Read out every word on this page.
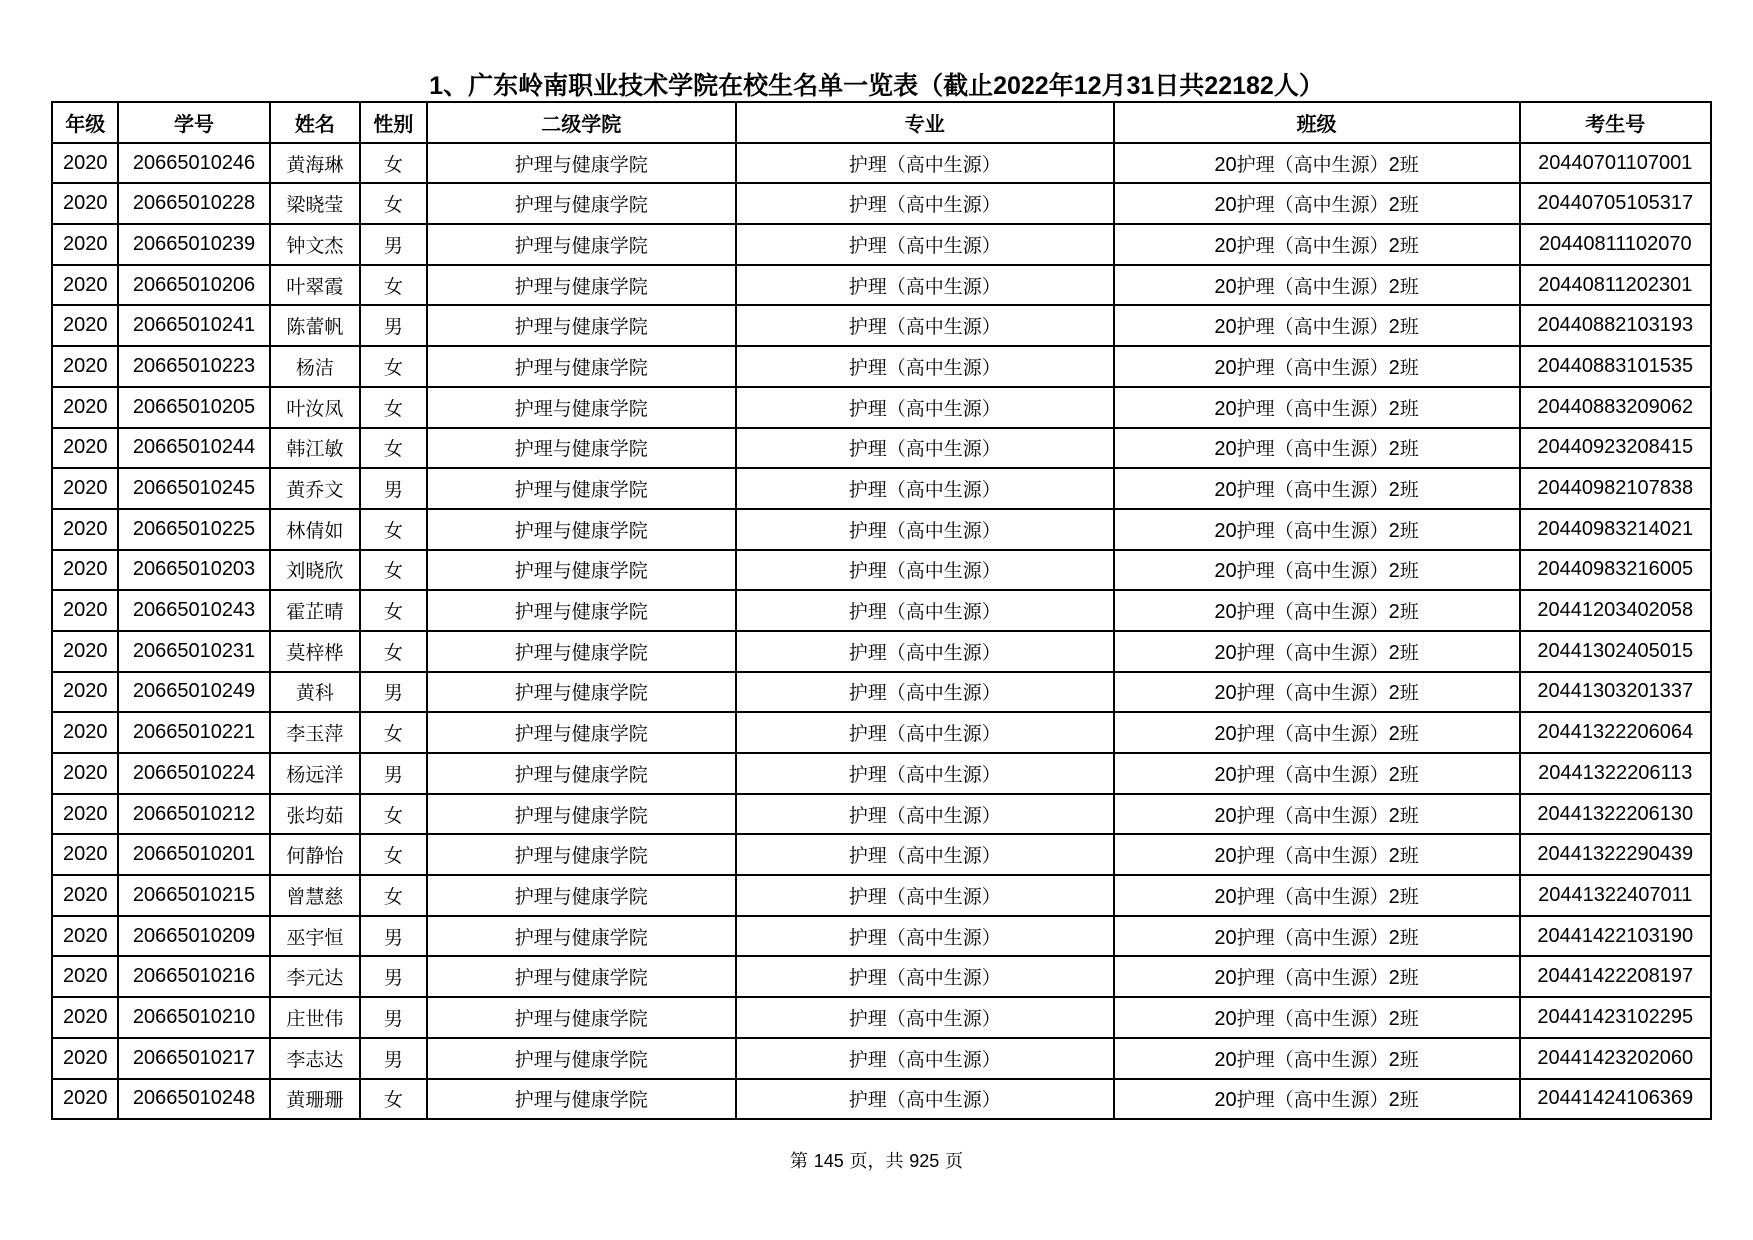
1、广东岭南职业技术学院在校生名单一览表（截止2022年12月31日共22182人）
年级	学号	姓名	性别	二级学院	专业	班级	考生号
2020	20665010246	黄海琳	女	护理与健康学院	护理（高中生源）	20护理（高中生源）2班	20440701107001
2020	20665010228	梁晓莹	女	护理与健康学院	护理（高中生源）	20护理（高中生源）2班	20440705105317
2020	20665010239	钟文杰	男	护理与健康学院	护理（高中生源）	20护理（高中生源）2班	20440811102070
2020	20665010206	叶翠霞	女	护理与健康学院	护理（高中生源）	20护理（高中生源）2班	20440811202301
2020	20665010241	陈蕾帆	男	护理与健康学院	护理（高中生源）	20护理（高中生源）2班	20440882103193
2020	20665010223	杨洁	女	护理与健康学院	护理（高中生源）	20护理（高中生源）2班	20440883101535
2020	20665010205	叶汝凤	女	护理与健康学院	护理（高中生源）	20护理（高中生源）2班	20440883209062
2020	20665010244	韩江敏	女	护理与健康学院	护理（高中生源）	20护理（高中生源）2班	20440923208415
2020	20665010245	黄乔文	男	护理与健康学院	护理（高中生源）	20护理（高中生源）2班	20440982107838
2020	20665010225	林倩如	女	护理与健康学院	护理（高中生源）	20护理（高中生源）2班	20440983214021
2020	20665010203	刘晓欣	女	护理与健康学院	护理（高中生源）	20护理（高中生源）2班	20440983216005
2020	20665010243	霍芷晴	女	护理与健康学院	护理（高中生源）	20护理（高中生源）2班	20441203402058
2020	20665010231	莫梓桦	女	护理与健康学院	护理（高中生源）	20护理（高中生源）2班	20441302405015
2020	20665010249	黄科	男	护理与健康学院	护理（高中生源）	20护理（高中生源）2班	20441303201337
2020	20665010221	李玉萍	女	护理与健康学院	护理（高中生源）	20护理（高中生源）2班	20441322206064
2020	20665010224	杨远洋	男	护理与健康学院	护理（高中生源）	20护理（高中生源）2班	20441322206113
2020	20665010212	张均茹	女	护理与健康学院	护理（高中生源）	20护理（高中生源）2班	20441322206130
2020	20665010201	何静怡	女	护理与健康学院	护理（高中生源）	20护理（高中生源）2班	20441322290439
2020	20665010215	曾慧慈	女	护理与健康学院	护理（高中生源）	20护理（高中生源）2班	20441322407011
2020	20665010209	巫宇恒	男	护理与健康学院	护理（高中生源）	20护理（高中生源）2班	20441422103190
2020	20665010216	李元达	男	护理与健康学院	护理（高中生源）	20护理（高中生源）2班	20441422208197
2020	20665010210	庄世伟	男	护理与健康学院	护理（高中生源）	20护理（高中生源）2班	20441423102295
2020	20665010217	李志达	男	护理与健康学院	护理（高中生源）	20护理（高中生源）2班	20441423202060
2020	20665010248	黄珊珊	女	护理与健康学院	护理（高中生源）	20护理（高中生源）2班	20441424106369
第 145 页，共 925 页
